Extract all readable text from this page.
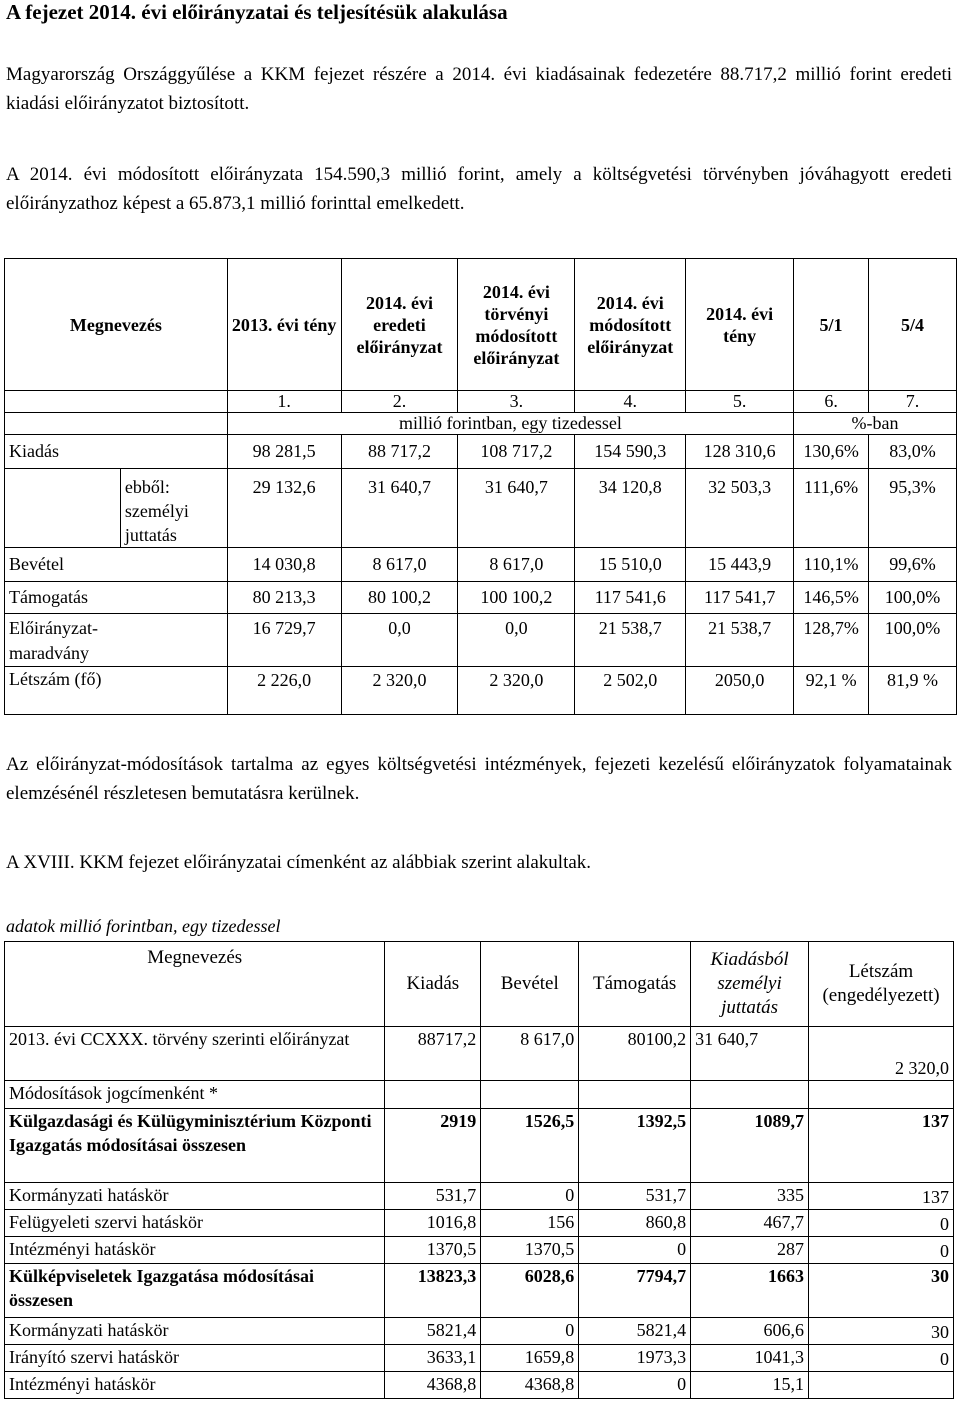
A fejezet 2014. évi előirányzatai és teljesítésük alakulása
Magyarország Országgyűlése a KKM fejezet részére a 2014. évi kiadásainak fedezetére 88.717,2 millió forint eredeti kiadási előirányzatot biztosított.
A 2014. évi módosított előirányzata 154.590,3 millió forint, amely a költségvetési törvényben jóváhagyott eredeti előirányzathoz képest a 65.873,1 millió forinttal emelkedett.
Megnevezés		2013. évi tény	2014. évi eredeti előirányzat	2014. évi törvényi módosított előirányzat	2014. évi módosított előirányzat	2014. évi tény	5/1	5/4
		1.	2.	3.	4.	5.	6.	7.
		millió forintban, egy tizedessel					%-ban	
Kiadás		98 281,5	88 717,2	108 717,2	154 590,3	128 310,6	130,6%	83,0%
	ebből: személyi juttatás	29 132,6	31 640,7	31 640,7	34 120,8	32 503,3	111,6%	95,3%
Bevétel		14 030,8	8 617,0	8 617,0	15 510,0	15 443,9	110,1%	99,6%
Támogatás		80 213,3	80 100,2	100 100,2	117 541,6	117 541,7	146,5%	100,0%
Előirányzat-maradvány		16 729,7	0,0	0,0	21 538,7	21 538,7	128,7%	100,0%
Létszám (fő)		2 226,0	2 320,0	2 320,0	2 502,0	2050,0	92,1 %	81,9 %
Az előirányzat-módosítások tartalma az egyes költségvetési intézmények, fejezeti kezelésű előirányzatok folyamatainak elemzésénél részletesen bemutatásra kerülnek.
A XVIII. KKM fejezet előirányzatai címenként az alábbiak szerint alakultak.
adatok millió forintban, egy tizedessel
Megnevezés	Kiadás	Bevétel	Támogatás	Kiadásból személyi juttatás	Létszám (engedélyezett)
2013. évi CCXXX. törvény szerinti előirányzat	88717,2	8 617,0	80100,2	31 640,7	2 320,0
Módosítások jogcímenként *					
Külgazdasági és Külügyminisztérium Központi Igazgatás módosításai összesen	2919	1526,5	1392,5	1089,7	137
Kormányzati hatáskör	531,7	0	531,7	335	137
Felügyeleti szervi hatáskör	1016,8	156	860,8	467,7	0
Intézményi hatáskör	1370,5	1370,5	0	287	0
Külképviseletek Igazgatása módosításai összesen	13823,3	6028,6	7794,7	1663	30
Kormányzati hatáskör	5821,4	0	5821,4	606,6	30
Irányító szervi hatáskör	3633,1	1659,8	1973,3	1041,3	0
Intézményi hatáskör	4368,8	4368,8	0	15,1	
